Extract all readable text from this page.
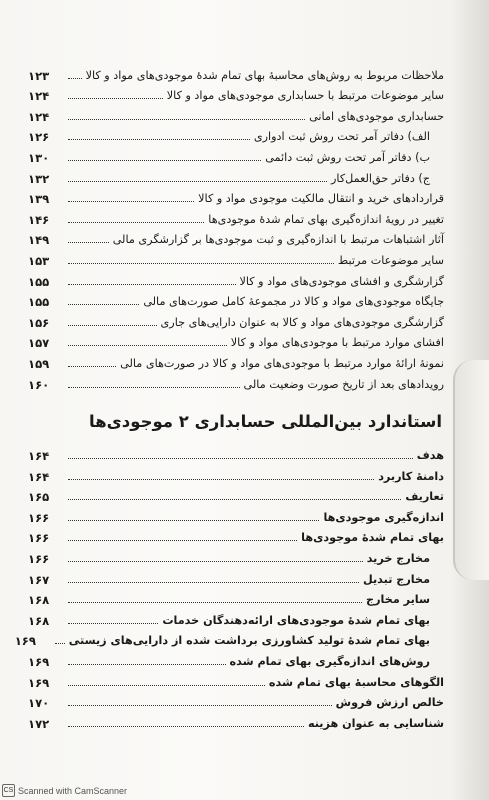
ملاحظات مربوط به روش‌های محاسبۀ بهای تمام شدۀ موجودی‌های مواد و کالا
۱۲۳
سایر موضوعات مرتبط با حسابداری موجودی‌های مواد و کالا
۱۲۴
حسابداری موجودی‌های امانی
۱۲۴
الف) دفاتر آمر تحت روش ثبت ادواری
۱۲۶
ب) دفاتر آمر تحت روش ثبت دائمی
۱۳۰
ج) دفاتر حق‌العمل‌کار
۱۳۲
قراردادهای خرید و انتقال مالکیت موجودی مواد و کالا
۱۳۹
تغییر در رویۀ اندازه‌گیری بهای تمام شدۀ موجودی‌ها
۱۴۶
آثار اشتباهات مرتبط با اندازه‌گیری و ثبت موجودی‌ها بر گزارشگری مالی
۱۴۹
سایر موضوعات مرتبط
۱۵۳
گزارشگری و افشای موجودی‌های مواد و کالا
۱۵۵
جایگاه موجودی‌های مواد و کالا در مجموعۀ کامل صورت‌های مالی
۱۵۵
گزارشگری موجودی‌های مواد و کالا به عنوان دارایی‌های جاری
۱۵۶
افشای موارد مرتبط با موجودی‌های مواد و کالا
۱۵۷
نمونۀ ارائۀ موارد مرتبط با موجودی‌های مواد و کالا در صورت‌های مالی
۱۵۹
رویدادهای بعد از تاریخ صورت وضعیت مالی
۱۶۰
استاندارد بین‌المللی حسابداری ۲ موجودی‌ها
هدف
۱۶۴
دامنۀ کاربرد
۱۶۴
تعاریف
۱۶۵
اندازه‌گیری موجودی‌ها
۱۶۶
بهای تمام شدۀ موجودی‌ها
۱۶۶
مخارج خرید
۱۶۶
مخارج تبدیل
۱۶۷
سایر مخارج
۱۶۸
بهای تمام شدۀ موجودی‌های ارائه‌دهندگان خدمات
۱۶۸
بهای تمام شدۀ تولید کشاورزی برداشت شده از دارایی‌های زیستی
۱۶۹
روش‌های اندازه‌گیری بهای تمام شده
۱۶۹
الگوهای محاسبۀ بهای تمام شده
۱۶۹
خالص ارزش فروش
۱۷۰
شناسایی به عنوان هزینه
۱۷۲
CS Scanned with CamScanner
